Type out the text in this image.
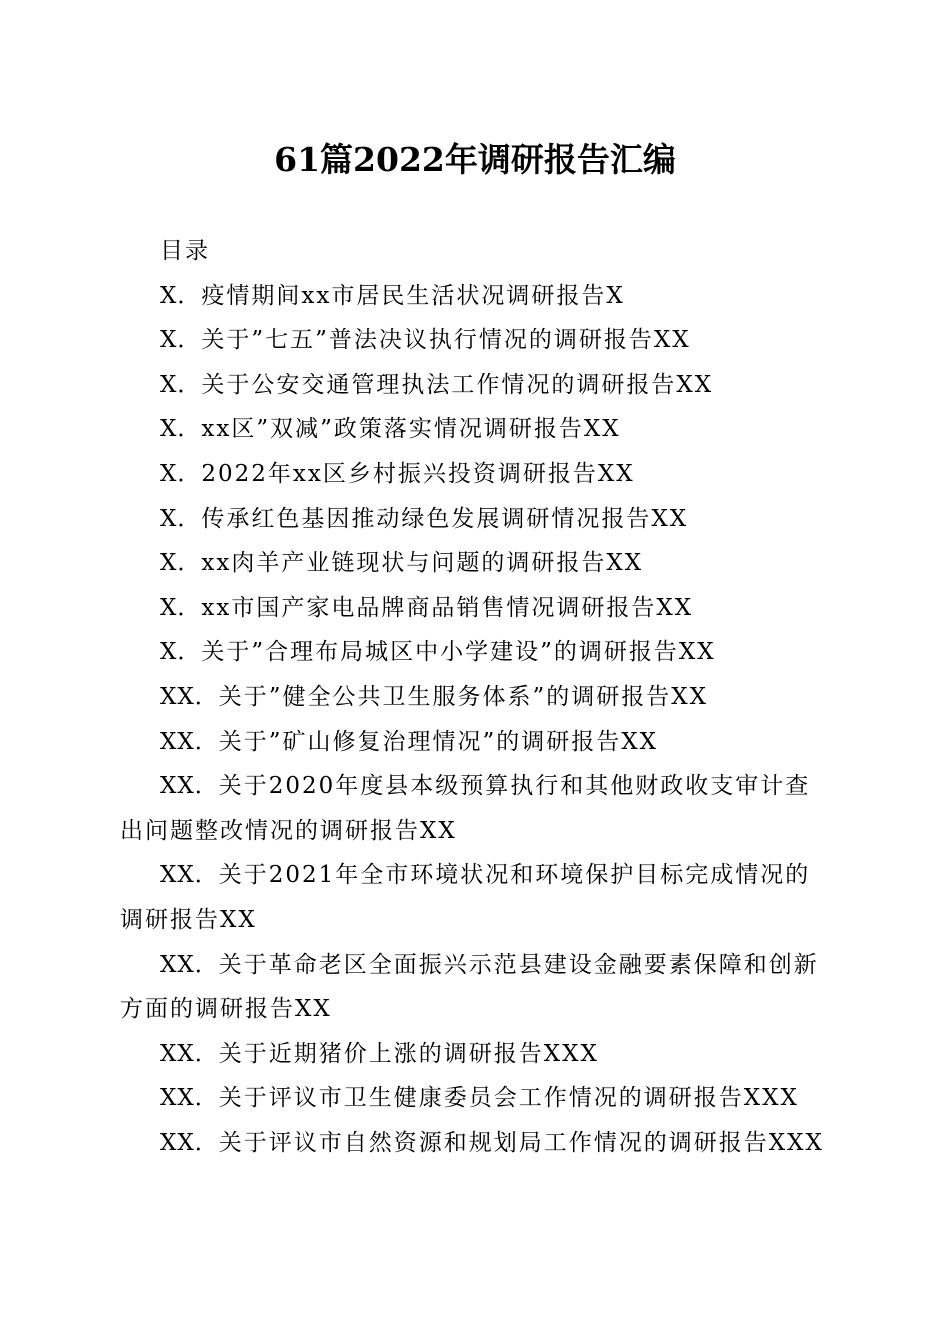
61篇2022年调研报告汇编

目录

X．疫情期间xx市居民生活状况调研报告X

X．关于”七五”普法决议执行情况的调研报告XX

X．关于公安交通管理执法工作情况的调研报告XX

X．xx区”双减”政策落实情况调研报告XX

X．2022年xx区乡村振兴投资调研报告XX

X．传承红色基因推动绿色发展调研情况报告XX

X．xx肉羊产业链现状与问题的调研报告XX

X．xx市国产家电品牌商品销售情况调研报告XX

X．关于”合理布局城区中小学建设”的调研报告XX

XX．关于”健全公共卫生服务体系”的调研报告XX

XX．关于”矿山修复治理情况”的调研报告XX

XX．关于2020年度县本级预算执行和其他财政收支审计查出问题整改情况的调研报告XX

XX．关于2021年全市环境状况和环境保护目标完成情况的调研报告XX

XX．关于革命老区全面振兴示范县建设金融要素保障和创新方面的调研报告XX

XX．关于近期猪价上涨的调研报告XXX

XX．关于评议市卫生健康委员会工作情况的调研报告XXX

XX．关于评议市自然资源和规划局工作情况的调研报告XXX
